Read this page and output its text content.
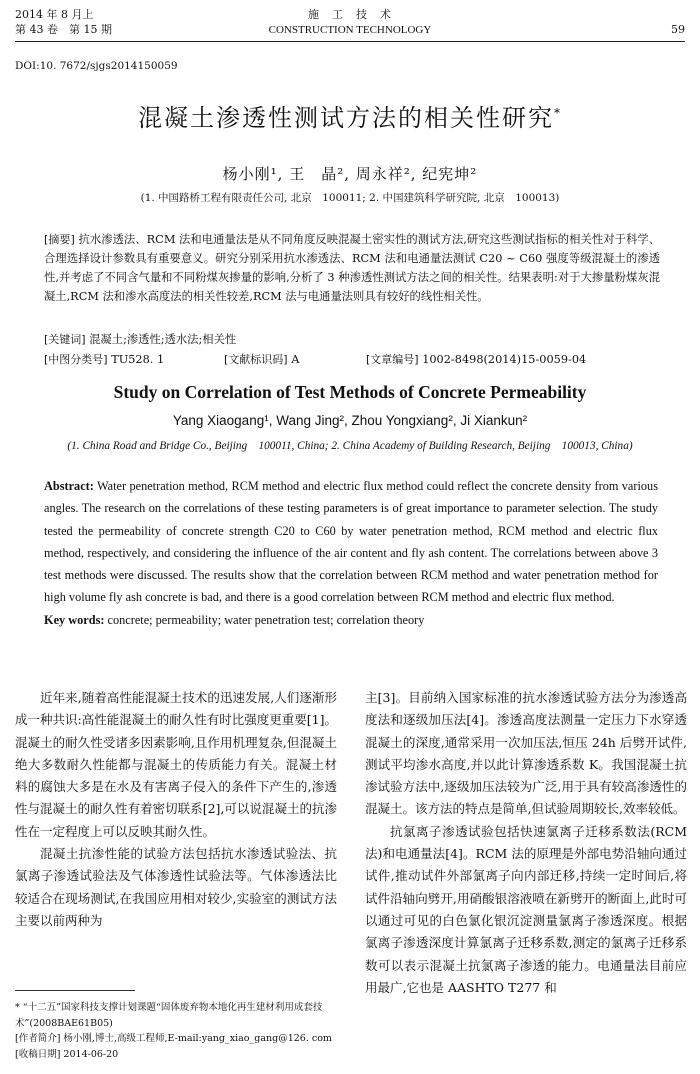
2014 年 8 月上
第 43 卷　第 15 期
施　工　技　术
CONSTRUCTION TECHNOLOGY	59
DOI:10. 7672/sjgs2014150059
混凝土渗透性测试方法的相关性研究*
杨小刚¹, 王　晶², 周永祥², 纪宪坤²
(1. 中国路桥工程有限责任公司, 北京　100011; 2. 中国建筑科学研究院, 北京　100013)
[摘要] 抗水渗透法、RCM 法和电通量法是从不同角度反映混凝土密实性的测试方法,研究这些测试指标的相关性对于科学、合理选择设计参数具有重要意义。研究分别采用抗水渗透法、RCM 法和电通量法测试 C20 ~ C60 强度等级混凝土的渗透性,并考虑了不同含气量和不同粉煤灰掺量的影响,分析了 3 种渗透性测试方法之间的相关性。结果表明:对于大掺量粉煤灰混凝土,RCM 法和渗水高度法的相关性较差,RCM 法与电通量法则具有较好的线性相关性。
[关键词] 混凝土;渗透性;透水法;相关性
[中图分类号] TU528. 1	[文献标识码] A	[文章编号] 1002-8498(2014)15-0059-04
Study on Correlation of Test Methods of Concrete Permeability
Yang Xiaogang¹, Wang Jing², Zhou Yongxiang², Ji Xiankun²
(1. China Road and Bridge Co., Beijing　100011, China; 2. China Academy of Building Research, Beijing　100013, China)
Abstract: Water penetration method, RCM method and electric flux method could reflect the concrete density from various angles. The research on the correlations of these testing parameters is of great importance to parameter selection. The study tested the permeability of concrete strength C20 to C60 by water penetration method, RCM method and electric flux method, respectively, and considering the influence of the air content and fly ash content. The correlations between above 3 test methods were discussed. The results show that the correlation between RCM method and water penetration method for high volume fly ash concrete is bad, and there is a good correlation between RCM method and electric flux method.
Key words: concrete; permeability; water penetration test; correlation theory

近年来,随着高性能混凝土技术的迅速发展,人们逐渐形成一种共识:高性能混凝土的耐久性有时比强度更重要[1]。混凝土的耐久性受诸多因素影响,且作用机理复杂,但混凝土绝大多数耐久性能都与混凝土的传质能力有关。混凝土材料的腐蚀大多是在水及有害离子侵入的条件下产生的,渗透性与混凝土的耐久性有着密切联系[2],可以说混凝土的抗渗性在一定程度上可以反映其耐久性。

混凝土抗渗性能的试验方法包括抗水渗透试验法、抗氯离子渗透试验法及气体渗透性试验法等。气体渗透法比较适合在现场测试,在我国应用相对较少,实验室的测试方法主要以前两种为

主[3]。目前纳入国家标准的抗水渗透试验方法分为渗透高度法和逐级加压法[4]。渗透高度法测量一定压力下水穿透混凝土的深度,通常采用一次加压法,恒压 24h 后劈开试件,测试平均渗水高度,并以此计算渗透系数 K。我国混凝土抗渗试验方法中,逐级加压法较为广泛,用于具有较高渗透性的混凝土。该方法的特点是简单,但试验周期较长,效率较低。

抗氯离子渗透试验包括快速氯离子迁移系数法(RCM 法)和电通量法[4]。RCM 法的原理是外部电势沿轴向通过试件,推动试件外部氯离子向内部迁移,持续一定时间后,将试件沿轴向劈开,用硝酸银溶液喷在新劈开的断面上,此时可以通过可见的白色氯化银沉淀测量氯离子渗透深度。根据氯离子渗透深度计算氯离子迁移系数,测定的氯离子迁移系数可以表示混凝土抗氯离子渗透的能力。电通量法目前应用最广,它也是 AASHTO T277 和

* “十二五”国家科技支撑计划课题“固体废弃物本地化再生建材利用成套技术”(2008BAE61B05)
[作者简介] 杨小刚,博士,高级工程师,E-mail:yang_xiao_gang@126. com
[收稿日期] 2014-06-20
